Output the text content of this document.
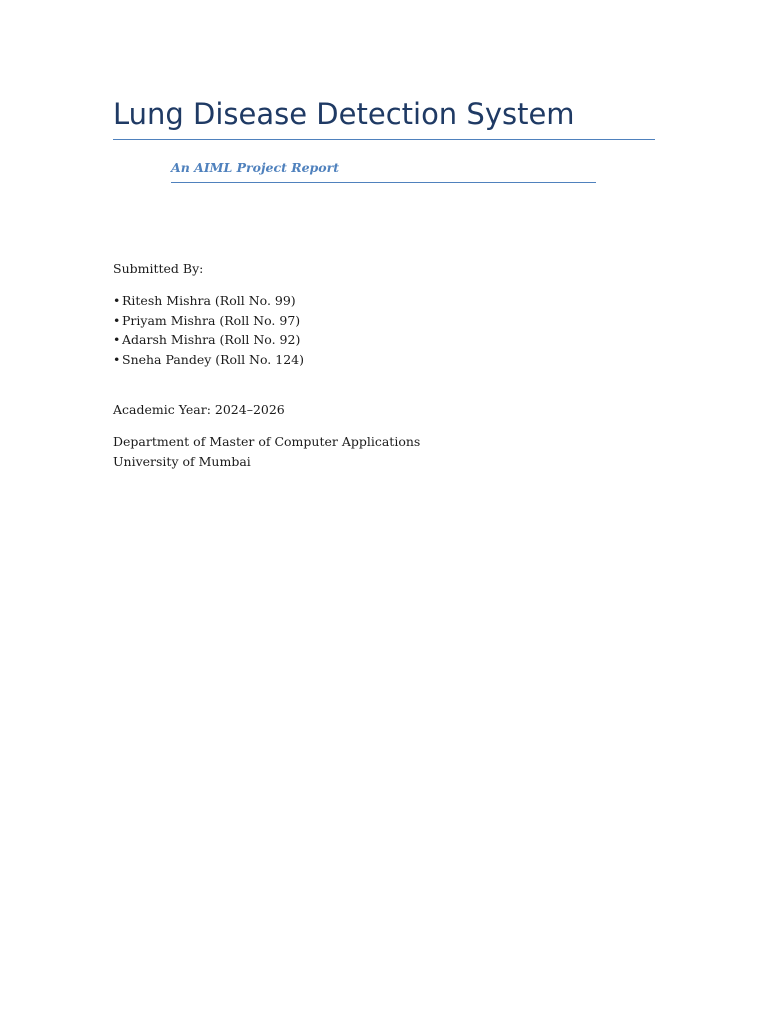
Lung Disease Detection System

An AIML Project Report

Submitted By:

• Ritesh Mishra (Roll No. 99)
• Priyam Mishra (Roll No. 97)
• Adarsh Mishra (Roll No. 92)
• Sneha Pandey (Roll No. 124)

Academic Year: 2024–2026

Department of Master of Computer Applications

University of Mumbai
